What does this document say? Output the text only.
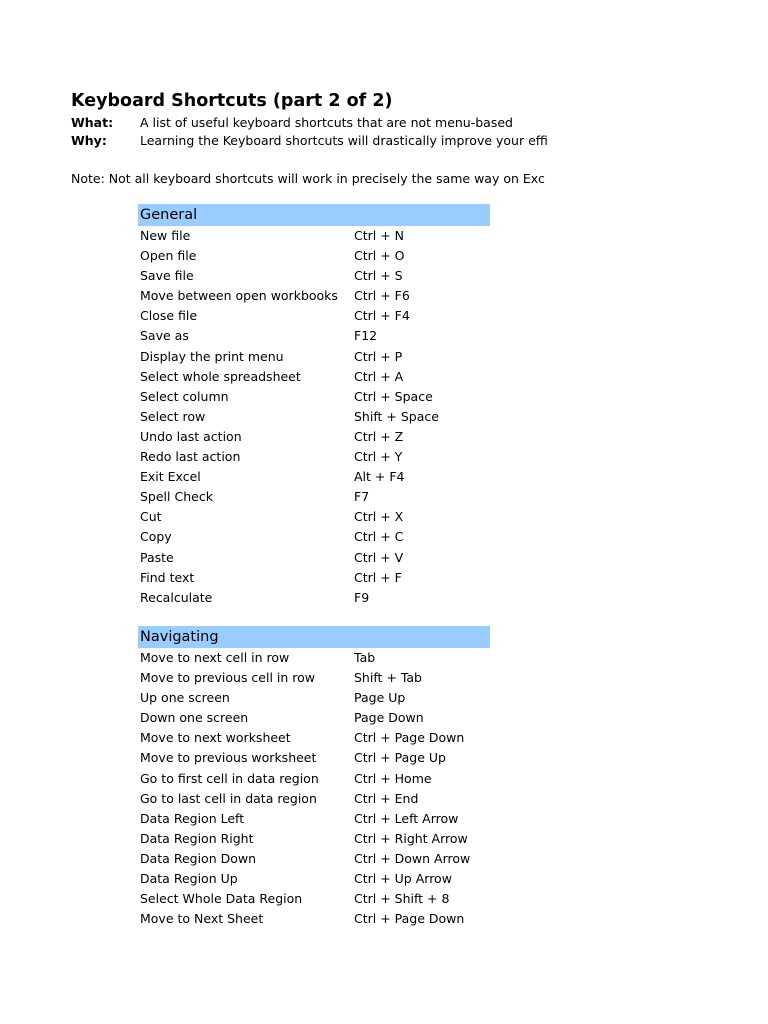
Keyboard Shortcuts (part 2 of 2)
What: A list of useful keyboard shortcuts that are not menu-based
Why:	Learning the Keyboard shortcuts will drastically improve your effi
Note: Not all keyboard shortcuts will work in precisely the same way on Exc
General
New file	Ctrl + N
Open file	Ctrl + O
Save file	Ctrl + S
Move between open workbooks Ctrl + F6
Close file	Ctrl + F4
Save as	F12
Display the print menu	Ctrl + P
Select whole spreadsheet	Ctrl + A
Select column	Ctrl + Space
Select row	Shift + Space
Undo last action	Ctrl + Z
Redo last action	Ctrl + Y
Exit Excel	Alt + F4
Spell Check	F7
Cut	Ctrl + X
Copy	Ctrl + C
Paste	Ctrl + V
Find text	Ctrl + F
Recalculate	F9
Navigating
Move to next cell in row	Tab
Move to previous cell in row	Shift + Tab
Up one screen	Page Up
Down one screen	Page Down
Move to next worksheet	Ctrl + Page Down
Move to previous worksheet	Ctrl + Page Up
Go to first cell in data region	Ctrl + Home
Go to last cell in data region	Ctrl + End
Data Region Left	Ctrl + Left Arrow
Data Region Right	Ctrl + Right Arrow
Data Region Down	Ctrl + Down Arrow
Data Region Up	Ctrl + Up Arrow
Select Whole Data Region	Ctrl + Shift + 8
Move to Next Sheet	Ctrl + Page Down
